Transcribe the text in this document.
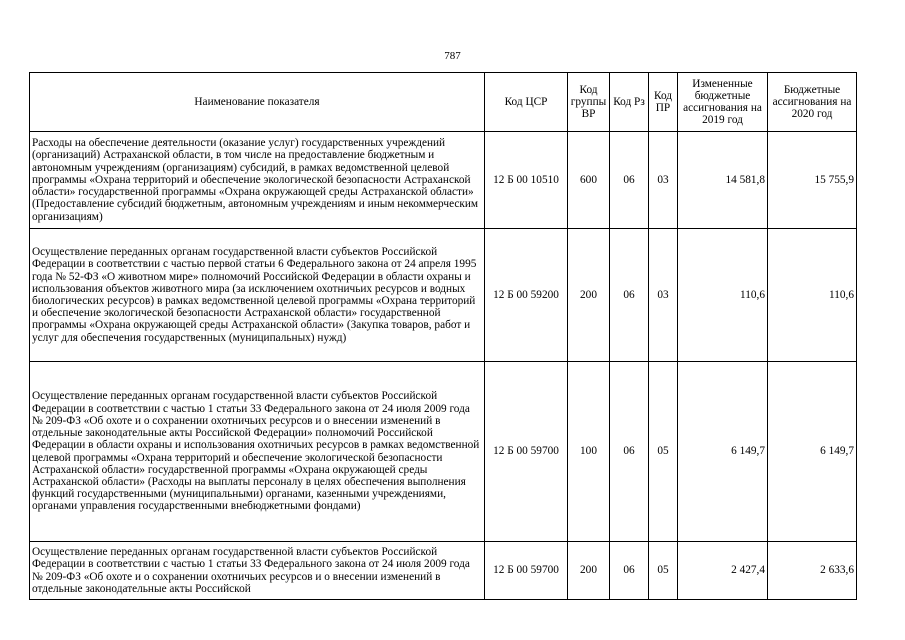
787
Наименование показателя	Код ЦСР	Код группы ВР	Код Рз	Код ПР	Измененные бюджетные ассигнования на 2019 год	Бюджетные ассигнования на 2020 год
Расходы на обеспечение деятельности (оказание услуг) государственных учреждений (организаций) Астраханской области, в том числе на предоставление бюджетным и автономным учреждениям (организациям) субсидий, в рамках ведомственной целевой программы «Охрана территорий и обеспечение экологической безопасности Астраханской области» государственной программы «Охрана окружающей среды Астраханской области» (Предоставление субсидий бюджетным, автономным учреждениям и иным некоммерческим организациям)	12 Б 00 10510	600	06	03	14 581,8	15 755,9
Осуществление переданных органам государственной власти субъектов Российской Федерации в соответствии с частью первой статьи 6 Федерального закона от 24 апреля 1995 года № 52-ФЗ «О животном мире» полномочий Российской Федерации в области охраны и использования объектов животного мира (за исключением охотничьих ресурсов и водных биологических ресурсов) в рамках ведомственной целевой программы «Охрана территорий и обеспечение экологической безопасности Астраханской области» государственной программы «Охрана окружающей среды Астраханской области» (Закупка товаров, работ и услуг для обеспечения государственных (муниципальных) нужд)	12 Б 00 59200	200	06	03	110,6	110,6
Осуществление переданных органам государственной власти субъектов Российской Федерации в соответствии с частью 1 статьи 33 Федерального закона от 24 июля 2009 года № 209-ФЗ «Об охоте и о сохранении охотничьих ресурсов и о внесении изменений в отдельные законодательные акты Российской Федерации» полномочий Российской Федерации в области охраны и использования охотничьих ресурсов в рамках ведомственной целевой программы «Охрана территорий и обеспечение экологической безопасности Астраханской области» государственной программы «Охрана окружающей среды Астраханской области» (Расходы на выплаты персоналу в целях обеспечения выполнения функций государственными (муниципальными) органами, казенными учреждениями, органами управления государственными внебюджетными фондами)	12 Б 00 59700	100	06	05	6 149,7	6 149,7
Осуществление переданных органам государственной власти субъектов Российской Федерации в соответствии с частью 1 статьи 33 Федерального закона от 24 июля 2009 года № 209-ФЗ «Об охоте и о сохранении охотничьих ресурсов и о внесении изменений в отдельные законодательные акты Российской	12 Б 00 59700	200	06	05	2 427,4	2 633,6
